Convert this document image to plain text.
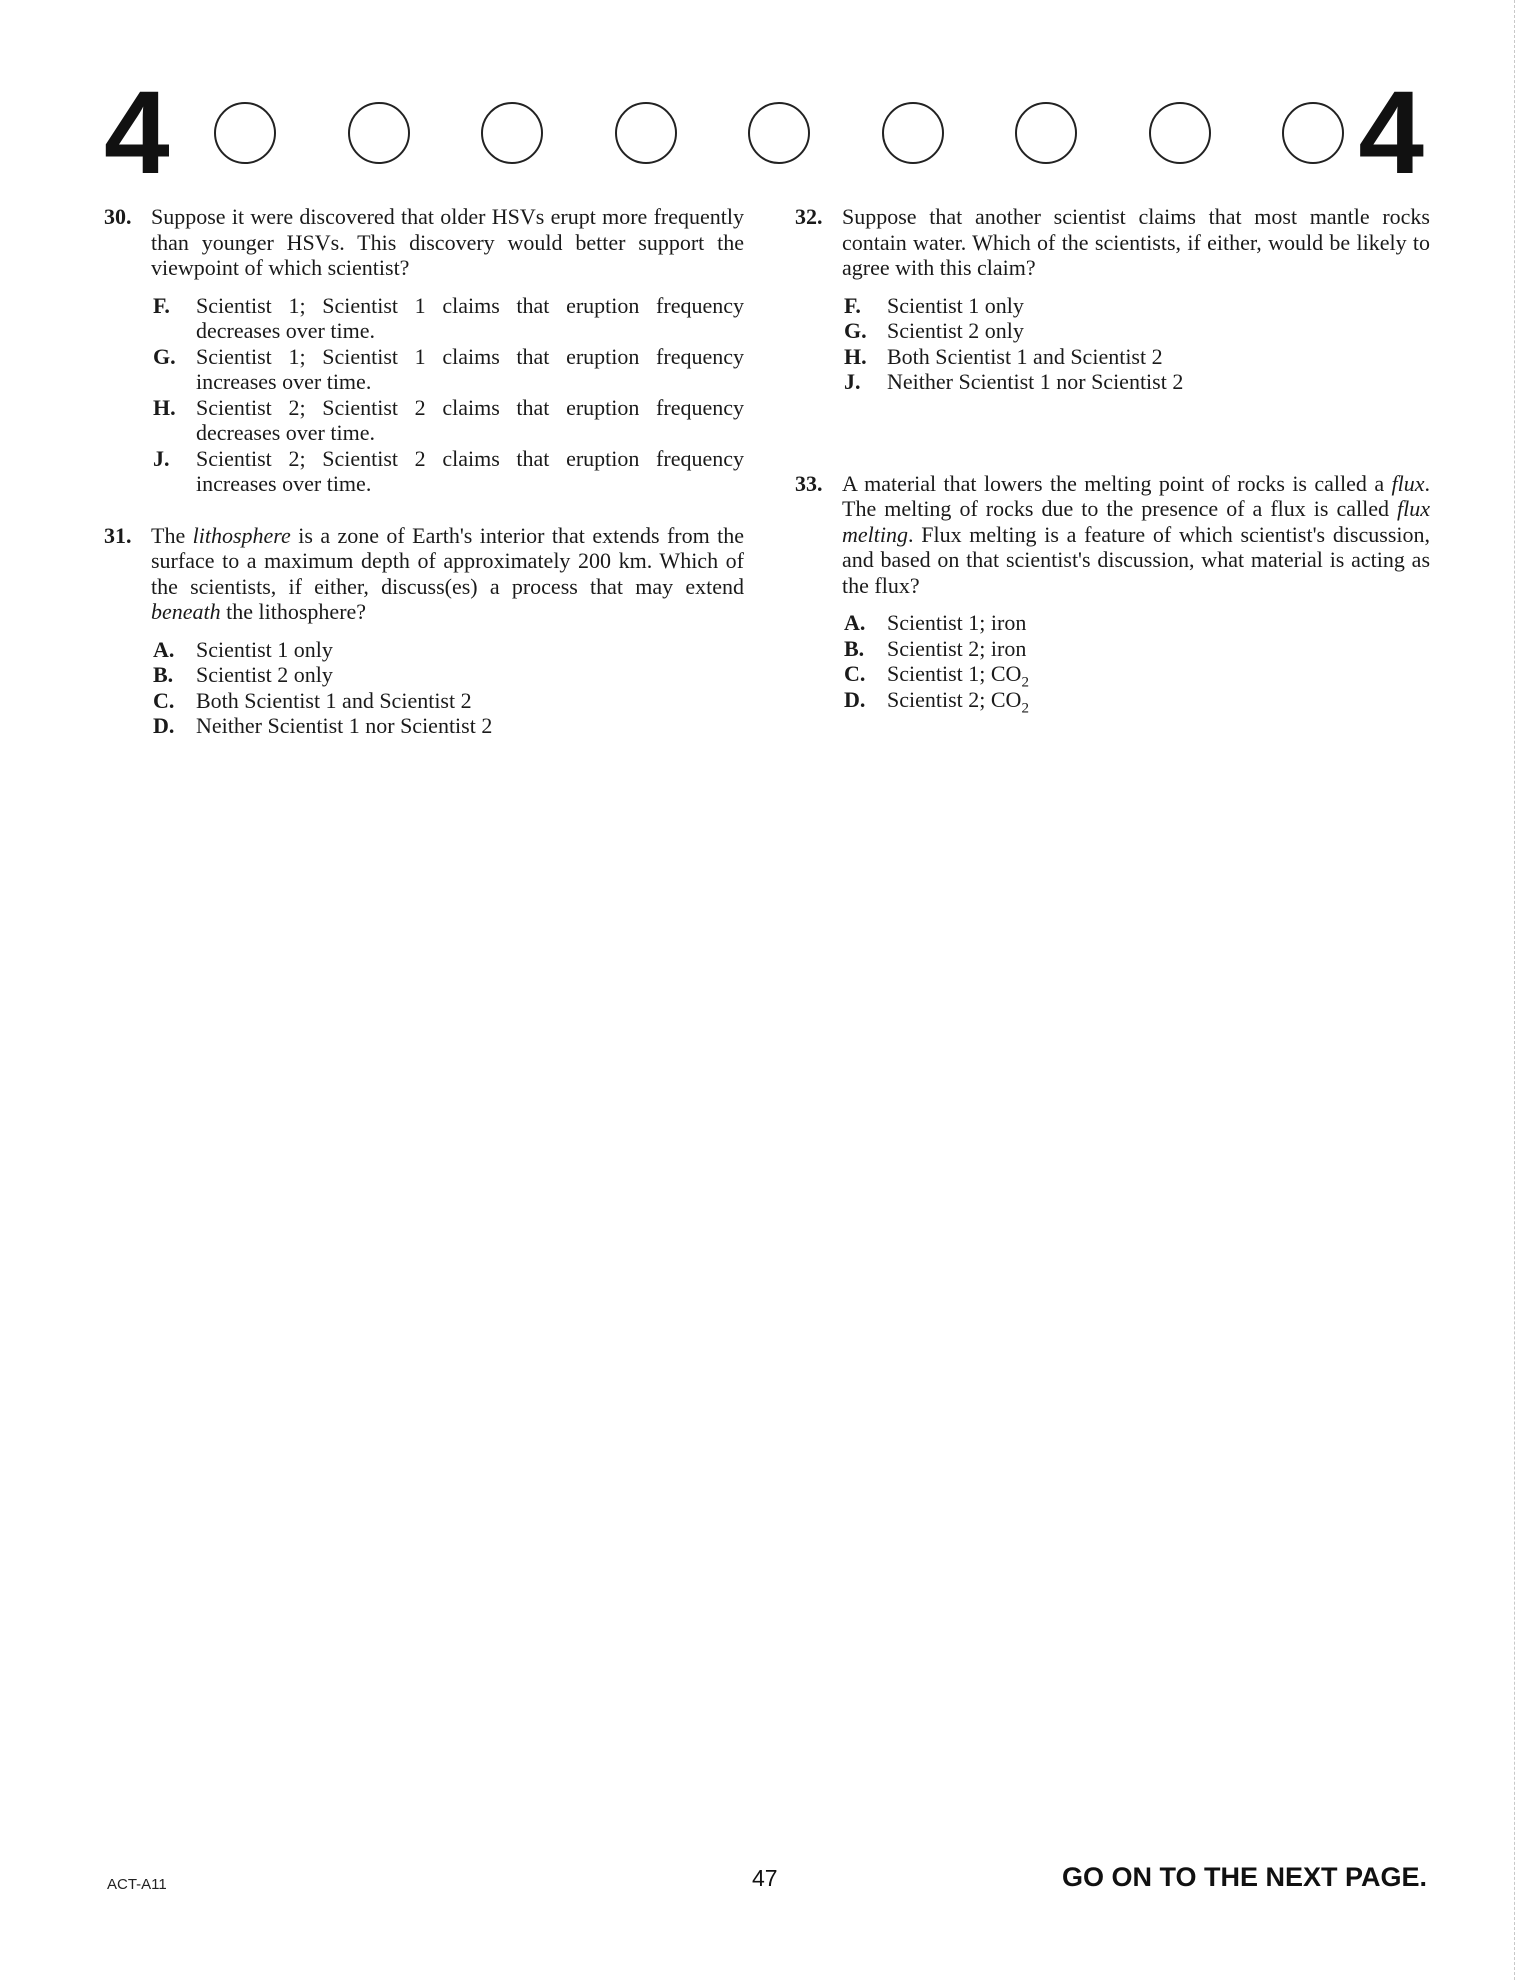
4	4
30. Suppose it were discovered that older HSVs erupt more frequently than younger HSVs. This discovery would better support the viewpoint of which scientist?
F. Scientist 1; Scientist 1 claims that eruption frequency decreases over time.
G. Scientist 1; Scientist 1 claims that eruption frequency increases over time.
H. Scientist 2; Scientist 2 claims that eruption frequency decreases over time.
J. Scientist 2; Scientist 2 claims that eruption frequency increases over time.
31. The lithosphere is a zone of Earth's interior that extends from the surface to a maximum depth of approximately 200 km. Which of the scientists, if either, discuss(es) a process that may extend beneath the lithosphere?
A. Scientist 1 only
B. Scientist 2 only
C. Both Scientist 1 and Scientist 2
D. Neither Scientist 1 nor Scientist 2
32. Suppose that another scientist claims that most mantle rocks contain water. Which of the scientists, if either, would be likely to agree with this claim?
F. Scientist 1 only
G. Scientist 2 only
H. Both Scientist 1 and Scientist 2
J. Neither Scientist 1 nor Scientist 2
33. A material that lowers the melting point of rocks is called a flux. The melting of rocks due to the presence of a flux is called flux melting. Flux melting is a feature of which scientist's discussion, and based on that scientist's discussion, what material is acting as the flux?
A. Scientist 1; iron
B. Scientist 2; iron
C. Scientist 1; $CO_2$
D. Scientist 2; $CO_2$
ACT-A11	47	GO ON TO THE NEXT PAGE.
